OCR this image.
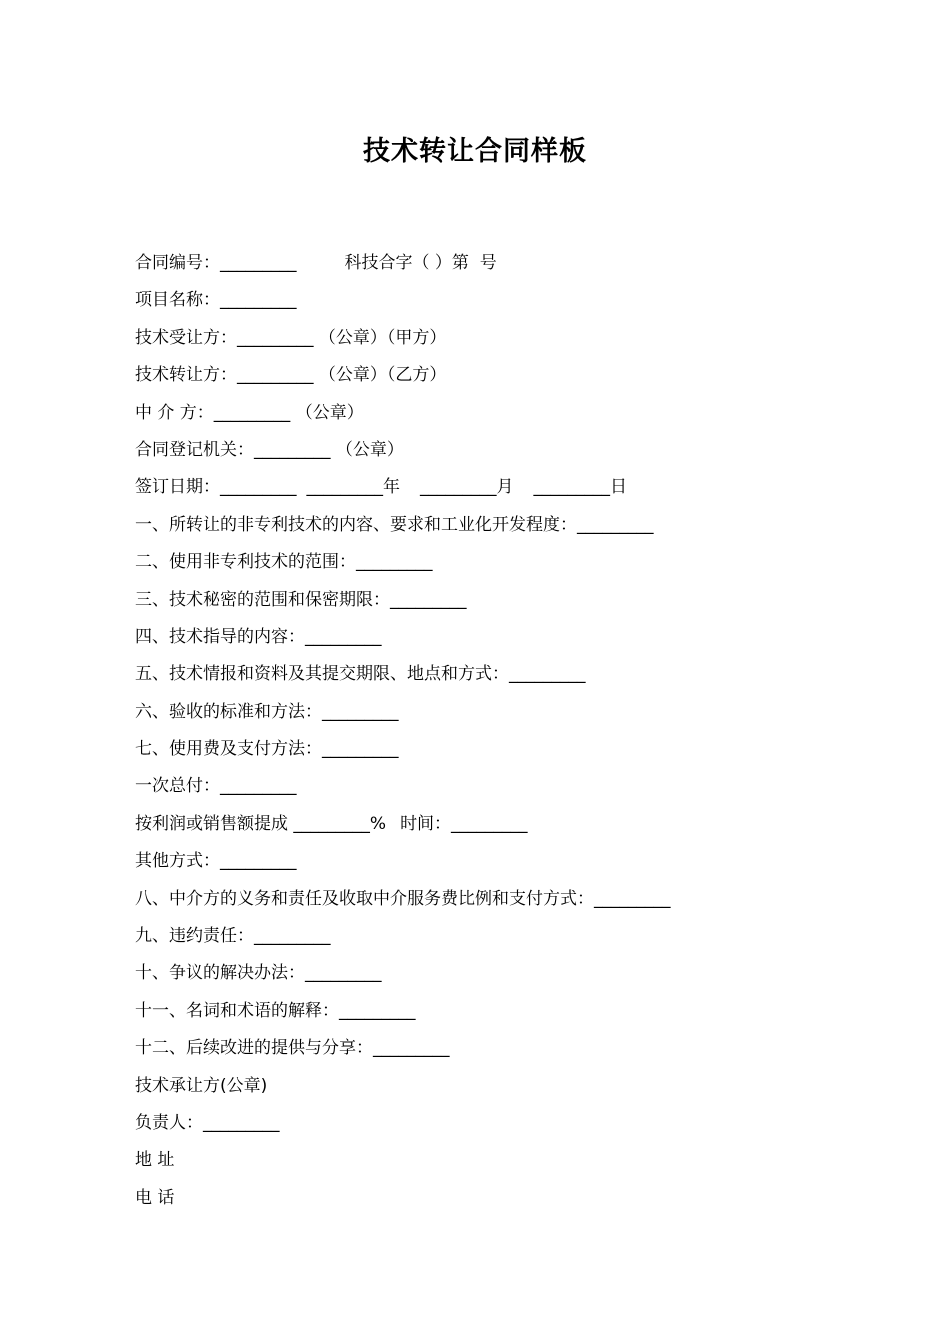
技术转让合同样板
合同编号：_________	科技合字（ ）第  号
项目名称：_________
技术受让方：_________ （公章）（甲方）
技术转让方：_________ （公章）（乙方）
中 介 方：_________ （公章）
合同登记机关：_________ （公章）
签订日期：_________ _________年 _________月 _________日
一、所转让的非专利技术的内容、要求和工业化开发程度：_________
二、使用非专利技术的范围：_________
三、技术秘密的范围和保密期限：_________
四、技术指导的内容：_________
五、技术情报和资料及其提交期限、地点和方式：_________
六、验收的标准和方法：_________
七、使用费及支付方法：_________
一次总付：_________
按利润或销售额提成 _________% 时间：_________
其他方式：_________
八、中介方的义务和责任及收取中介服务费比例和支付方式：_________
九、违约责任：_________
十、争议的解决办法：_________
十一、名词和术语的解释：_________
十二、后续改进的提供与分享：_________
技术承让方(公章)
负责人：_________
地 址
电 话
